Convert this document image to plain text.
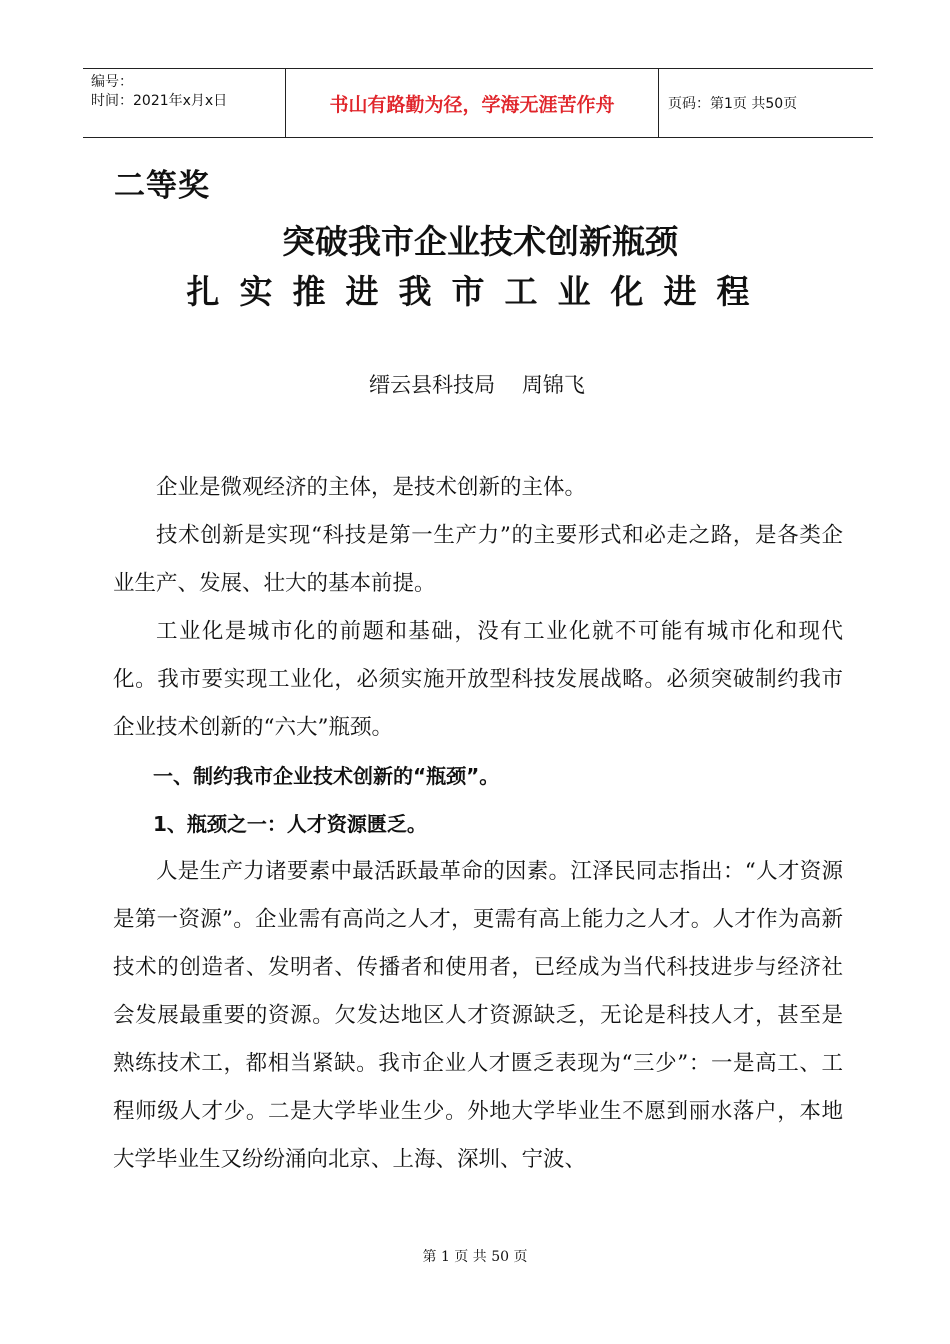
编号：
时间：2021年x月x日	书山有路勤为径，学海无涯苦作舟	页码：第1页 共50页
二等奖
突破我市企业技术创新瓶颈
扎实推进我市工业化进程
缙云县科技局    周锦飞

企业是微观经济的主体，是技术创新的主体。

技术创新是实现“科技是第一生产力”的主要形式和必走之路，是各类企业生产、发展、壮大的基本前提。

工业化是城市化的前题和基础，没有工业化就不可能有城市化和现代化。我市要实现工业化，必须实施开放型科技发展战略。必须突破制约我市企业技术创新的“六大”瓶颈。

一、制约我市企业技术创新的“瓶颈”。

1、瓶颈之一：人才资源匮乏。

人是生产力诸要素中最活跃最革命的因素。江泽民同志指出：“人才资源是第一资源”。企业需有高尚之人才，更需有高上能力之人才。人才作为高新技术的创造者、发明者、传播者和使用者，已经成为当代科技进步与经济社会发展最重要的资源。欠发达地区人才资源缺乏，无论是科技人才，甚至是熟练技术工，都相当紧缺。我市企业人才匮乏表现为“三少”：一是高工、工程师级人才少。二是大学毕业生少。外地大学毕业生不愿到丽水落户，本地大学毕业生又纷纷涌向北京、上海、深圳、宁波、

第 1 页 共 50 页
